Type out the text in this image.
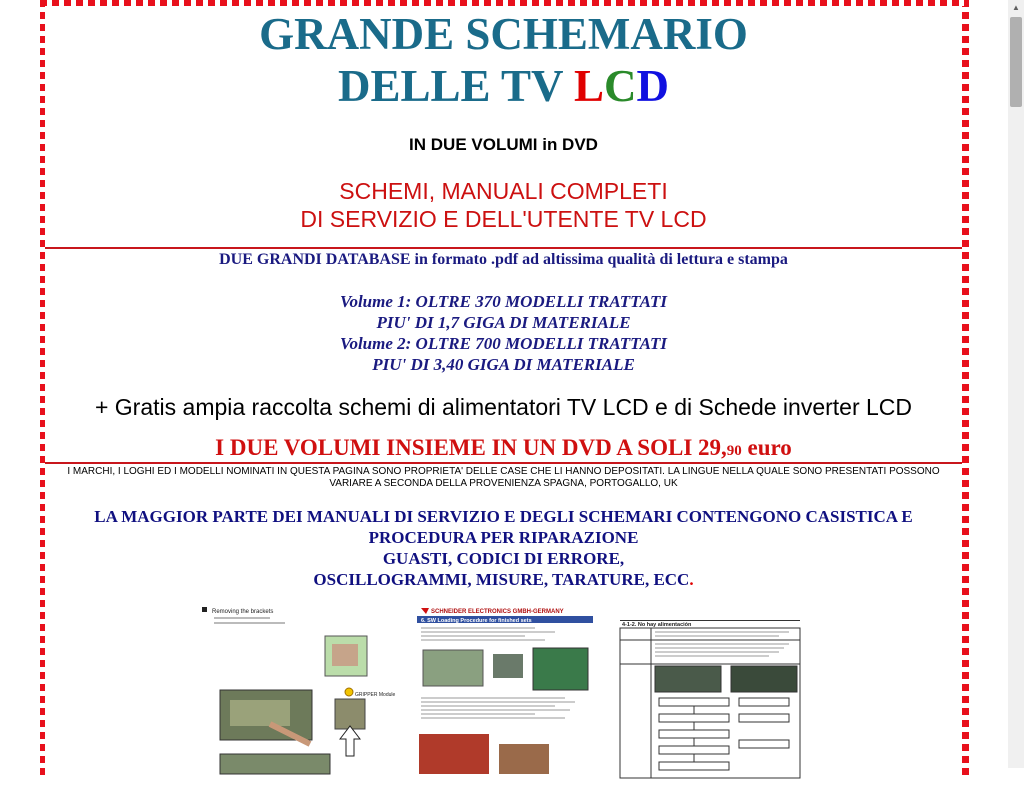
GRANDE SCHEMARIO
DELLE TV LCD
IN DUE VOLUMI in DVD
SCHEMI, MANUALI COMPLETI
DI SERVIZIO E DELL'UTENTE TV LCD
DUE GRANDI DATABASE in formato .pdf ad altissima qualità di lettura e stampa
Volume 1: OLTRE 370 MODELLI TRATTATI
PIU' DI 1,7 GIGA DI MATERIALE
Volume 2: OLTRE 700 MODELLI TRATTATI
PIU' DI 3,40 GIGA DI MATERIALE
+ Gratis ampia raccolta schemi di alimentatori TV LCD e di Schede inverter LCD
I DUE VOLUMI INSIEME IN UN DVD A SOLI 29,90 euro
I MARCHI, I LOGHI ED I MODELLI NOMINATI IN QUESTA PAGINA SONO PROPRIETA' DELLE CASE CHE LI HANNO DEPOSITATI. LA LINGUE NELLA QUALE SONO PRESENTATI POSSONO VARIARE A SECONDA DELLA PROVENIENZA SPAGNA, PORTOGALLO, UK
LA MAGGIOR PARTE DEI MANUALI DI SERVIZIO E DEGLI SCHEMARI CONTENGONO CASISTICA E PROCEDURA PER RIPARAZIONE
GUASTI, CODICI DI ERRORE,
OSCILLOGRAMMI, MISURE, TARATURE, ECC.
Removing the brackets
GRIPPER Module
SCHNEIDER ELECTRONICS GMBH-GERMANY
6. SW Loading Procedure for finished sets
4-1-2. No hay alimentación
▲
